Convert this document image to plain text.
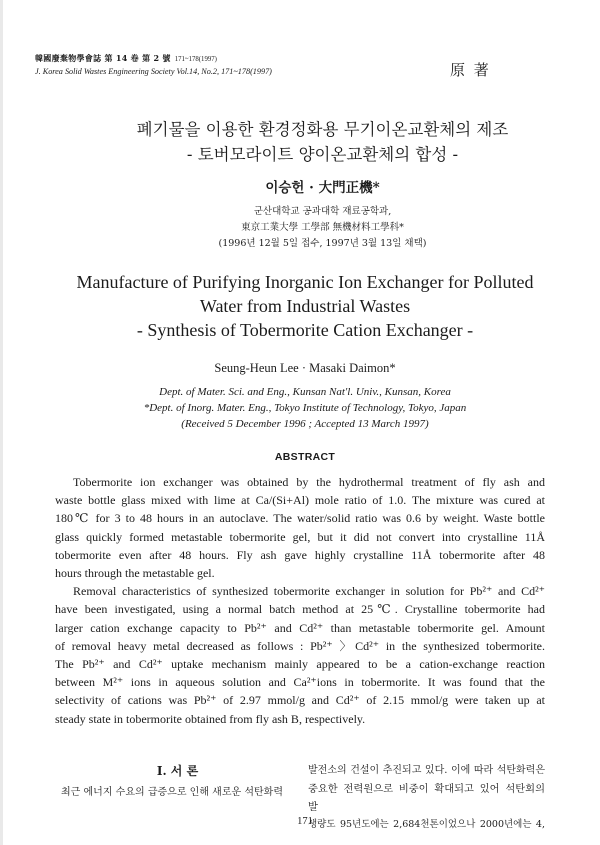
韓國廢棄物學會誌 第 14 卷 第 2 號 171~178(1997)
J. Korea Solid Wastes Engineering Society Vol.14, No.2, 171~178(1997)	原 著
폐기물을 이용한 환경정화용 무기이온교환체의 제조
- 토버모라이트 양이온교환체의 합성 -
이승헌 · 大門正機*
군산대학교 공과대학 재료공학과,
東京工業大學 工學部 無機材料工學科*
(1996년 12월 5일 접수, 1997년 3월 13일 채택)
Manufacture of Purifying Inorganic Ion Exchanger for Polluted
Water from Industrial Wastes
- Synthesis of Tobermorite Cation Exchanger -
Seung-Heun Lee · Masaki Daimon*
Dept. of Mater. Sci. and Eng., Kunsan Nat'l. Univ., Kunsan, Korea
*Dept. of Inorg. Mater. Eng., Tokyo Institute of Technology, Tokyo, Japan
(Received 5 December 1996 ; Accepted 13 March 1997)
ABSTRACT
Tobermorite ion exchanger was obtained by the hydrothermal treatment of fly ash and
waste bottle glass mixed with lime at Ca/(Si+Al) mole ratio of 1.0. The mixture was cured at
180℃ for 3 to 48 hours in an autoclave. The water/solid ratio was 0.6 by weight. Waste bottle
glass quickly formed metastable tobermorite gel, but it did not convert into crystalline 11Å
tobermorite even after 48 hours. Fly ash gave highly crystalline 11Å tobermorite after 48
hours through the metastable gel.
Removal characteristics of synthesized tobermorite exchanger in solution for Pb²⁺ and Cd²⁺
have been investigated, using a normal batch method at 25℃. Crystalline tobermorite had
larger cation exchange capacity to Pb²⁺ and Cd²⁺ than metastable tobermorite gel. Amount
of removal heavy metal decreased as follows : Pb²⁺ 〉Cd²⁺ in the synthesized tobermorite.
The Pb²⁺ and Cd²⁺ uptake mechanism mainly appeared to be a cation-exchange reaction
between M²⁺ ions in aqueous solution and Ca²⁺ions in tobermorite. It was found that the
selectivity of cations was Pb²⁺ of 2.97 mmol/g and Cd²⁺ of 2.15 mmol/g were taken up at
steady state in tobermorite obtained from fly ash B, respectively.
Ⅰ. 서 론
최근 에너지 수요의 급증으로 인해 새로운 석탄화력
발전소의 건설이 추진되고 있다. 이에 따라 석탄화력은
중요한 전력원으로 비중이 확대되고 있어 석탄회의 발
생량도 95년도에는 2,684천톤이었으나 2000년에는 4,
171
